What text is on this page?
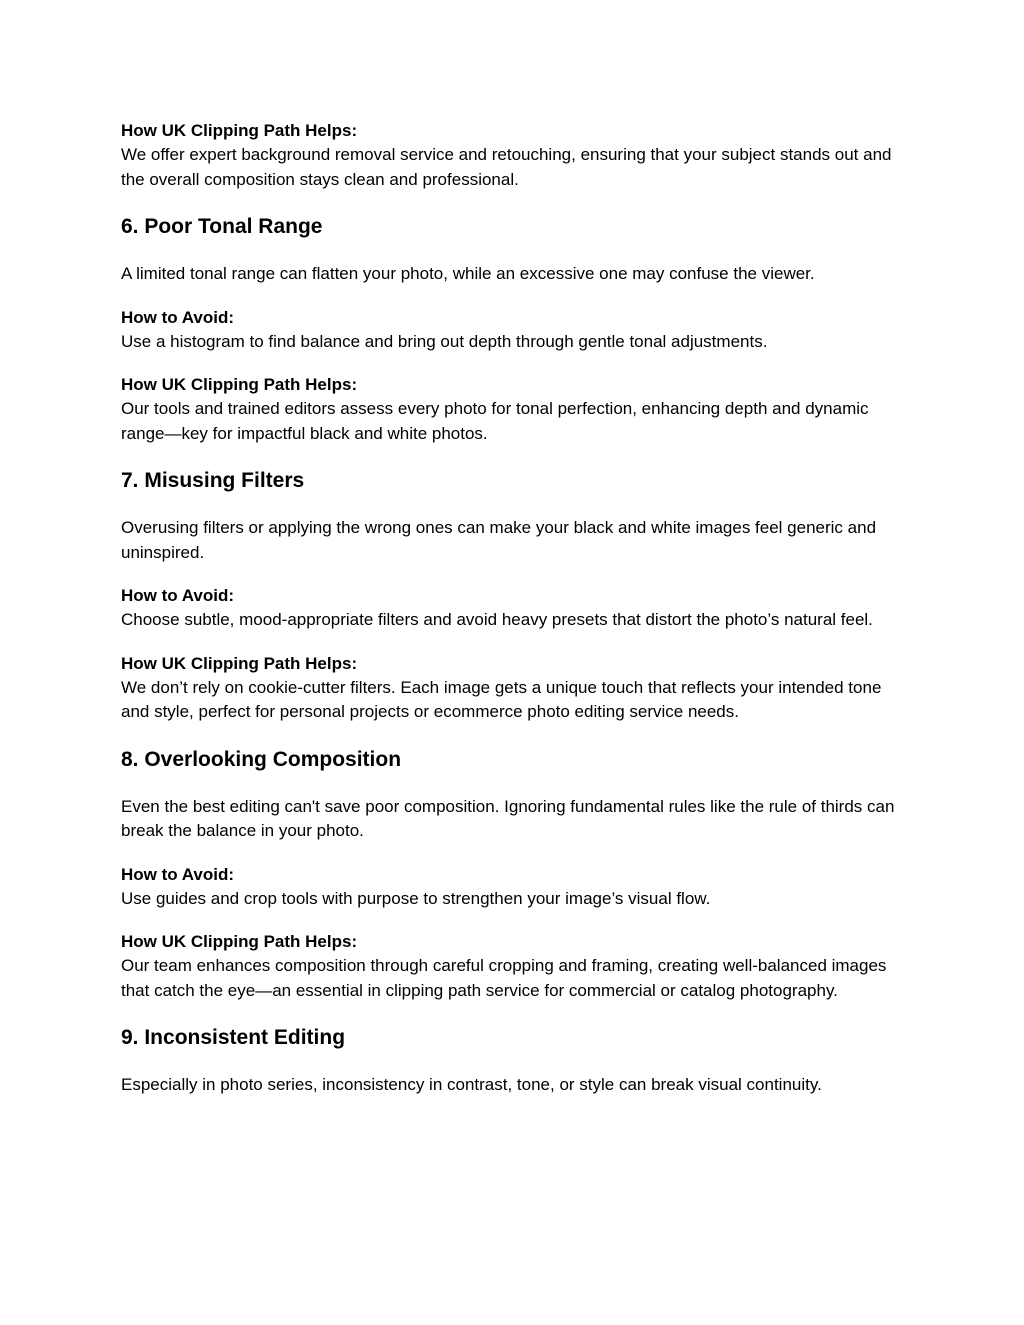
How UK Clipping Path Helps:

We offer expert background removal service and retouching, ensuring that your subject stands out and the overall composition stays clean and professional.

6. Poor Tonal Range

A limited tonal range can flatten your photo, while an excessive one may confuse the viewer.

How to Avoid:

Use a histogram to find balance and bring out depth through gentle tonal adjustments.

How UK Clipping Path Helps:

Our tools and trained editors assess every photo for tonal perfection, enhancing depth and dynamic range—key for impactful black and white photos.

7. Misusing Filters

Overusing filters or applying the wrong ones can make your black and white images feel generic and uninspired.

How to Avoid:

Choose subtle, mood-appropriate filters and avoid heavy presets that distort the photo’s natural feel.

How UK Clipping Path Helps:

We don’t rely on cookie-cutter filters. Each image gets a unique touch that reflects your intended tone and style, perfect for personal projects or ecommerce photo editing service needs.

8. Overlooking Composition

Even the best editing can't save poor composition. Ignoring fundamental rules like the rule of thirds can break the balance in your photo.

How to Avoid:

Use guides and crop tools with purpose to strengthen your image’s visual flow.

How UK Clipping Path Helps:

Our team enhances composition through careful cropping and framing, creating well-balanced images that catch the eye—an essential in clipping path service for commercial or catalog photography.

9. Inconsistent Editing

Especially in photo series, inconsistency in contrast, tone, or style can break visual continuity.
